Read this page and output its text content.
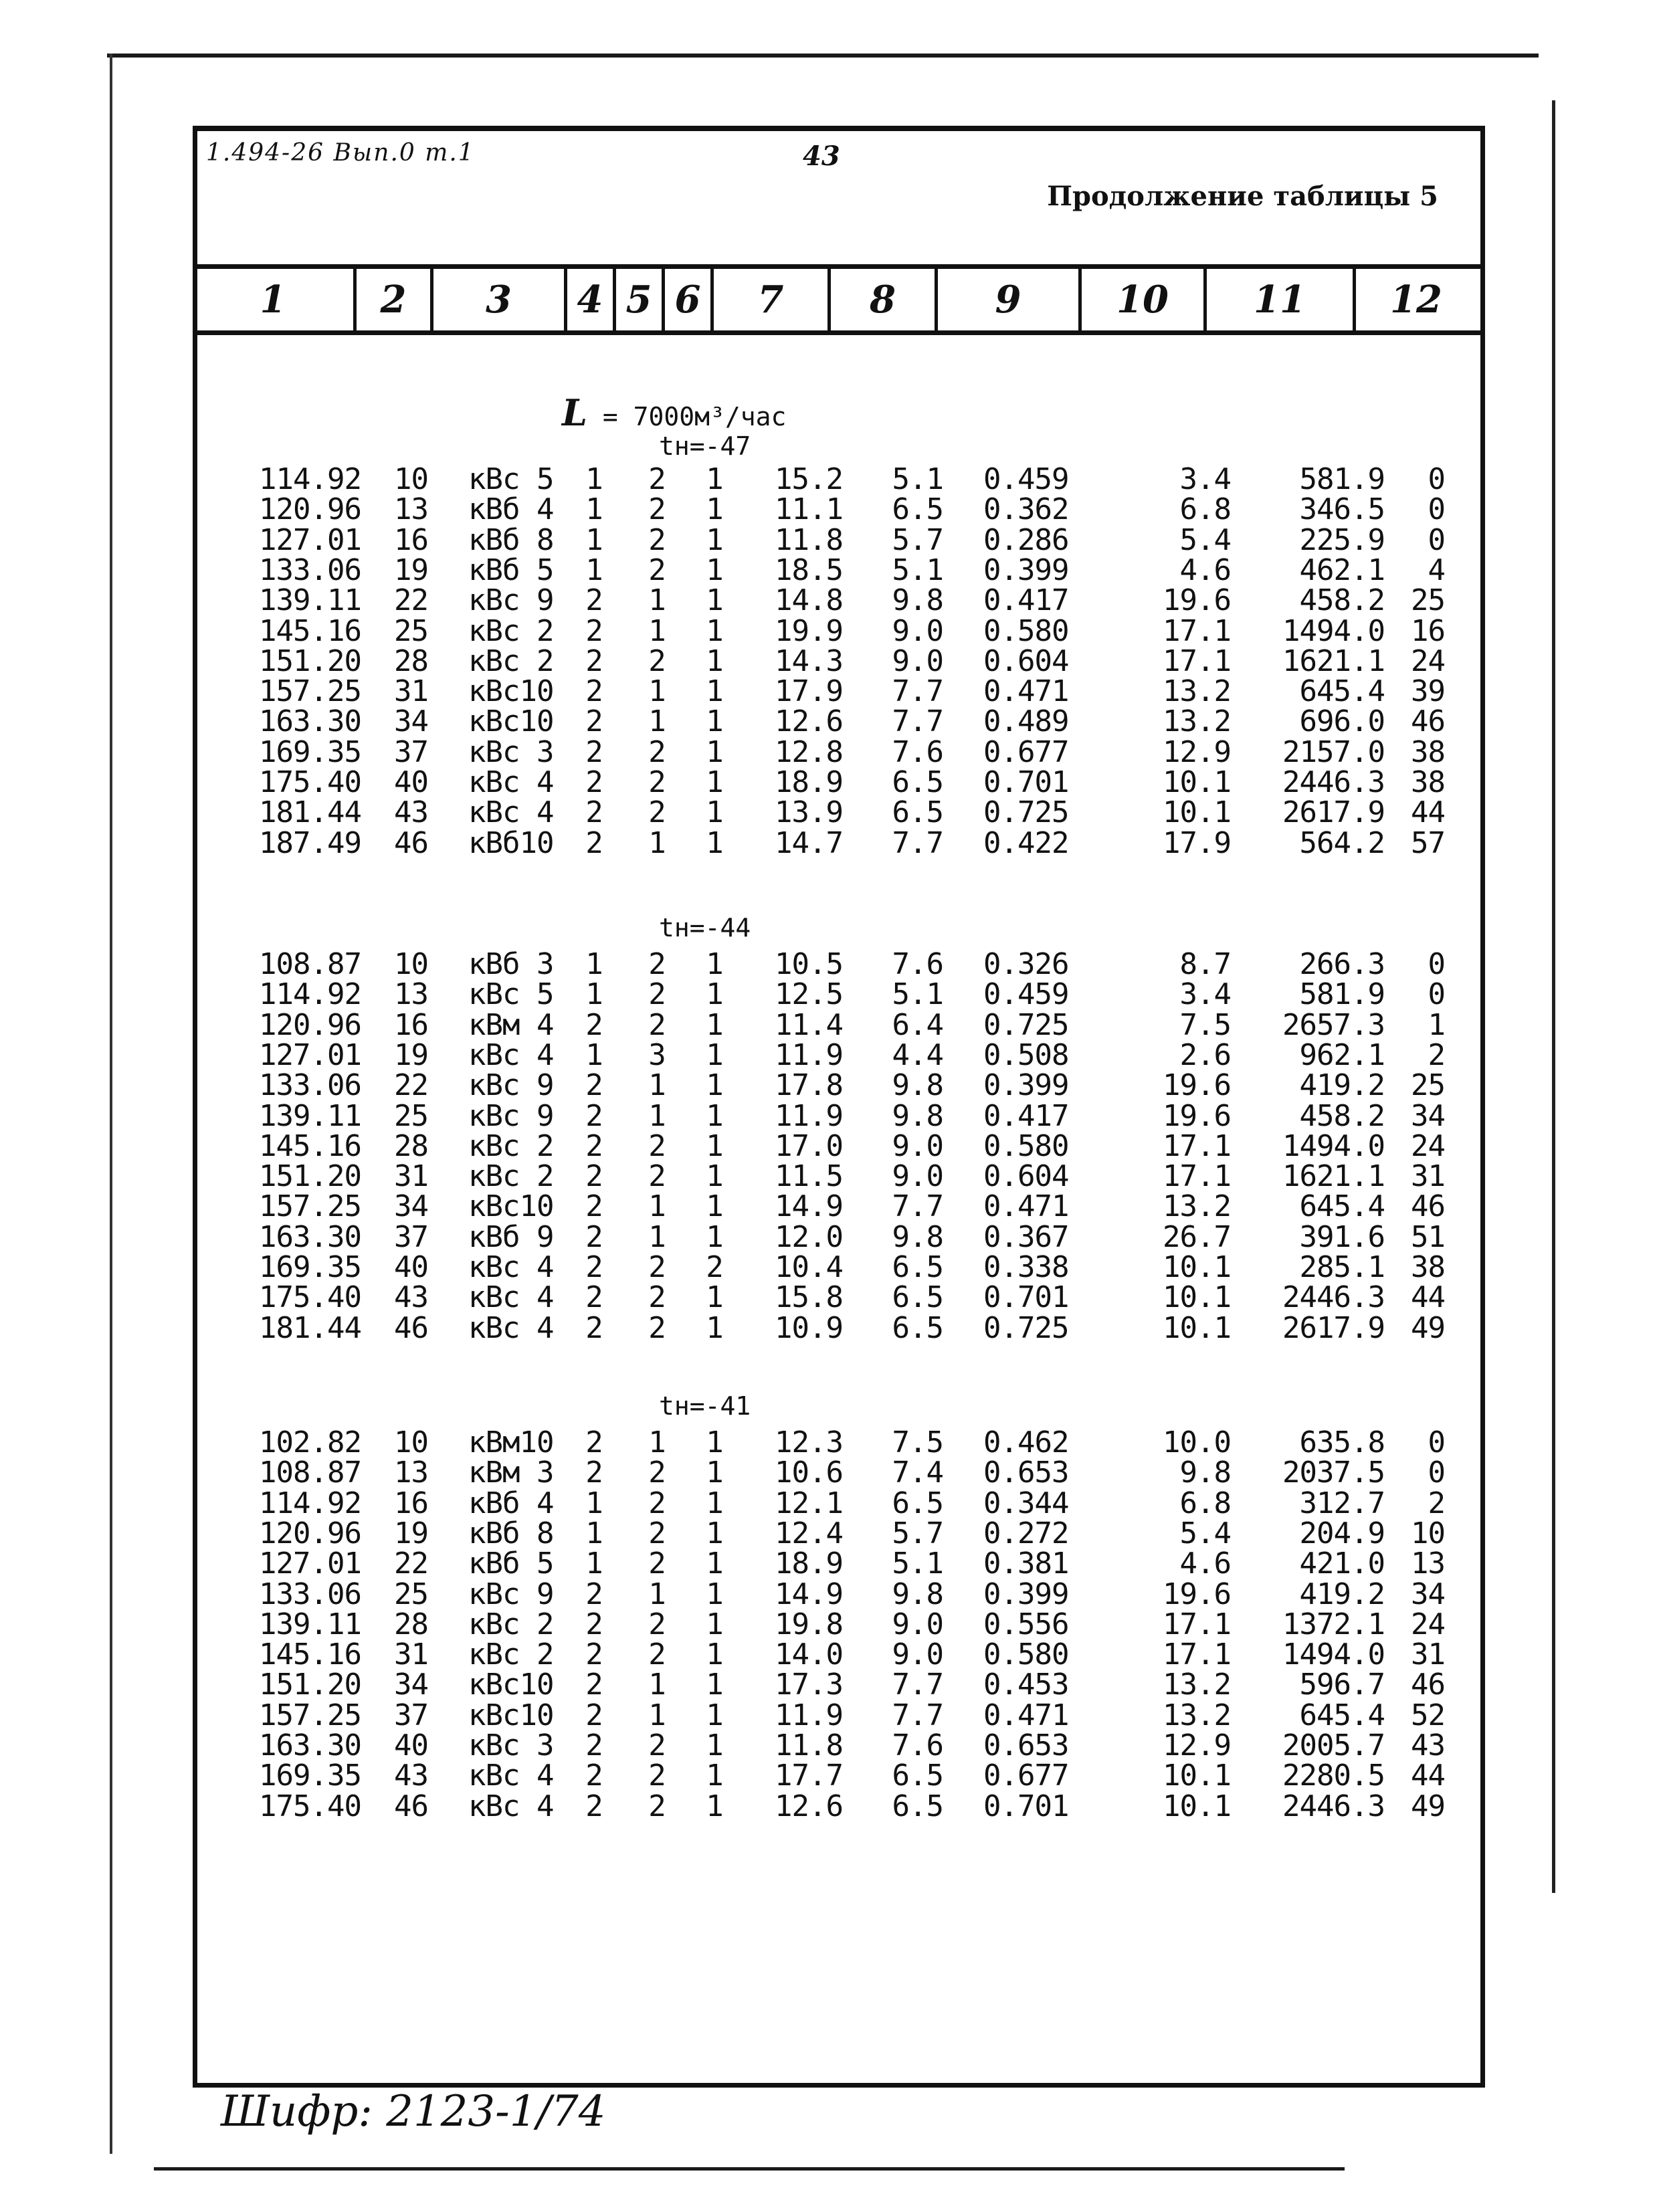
1.494-26 Вып.0 т.1	43
Продолжение таблицы 5
1	2	3	4 5 6	7	8	9	10	11	12
L = 7000м³/час
tн=-47
114.92	10 кВс 5	1 2 1	15.2	5.1 0.459	3.4	581.9	0
120.96	13 кВб 4	1 2 1	11.1	6.5 0.362	6.8	346.5	0
127.01	16 кВб 8	1 2 1	11.8	5.7 0.286	5.4	225.9	0
133.06	19 кВб 5	1 2 1	18.5	5.1 0.399	4.6	462.1	4
139.11	22 кВс 9	2 1 1	14.8	9.8 0.417	19.6	458.2 25
145.16	25 кВс 2	2 1 1	19.9	9.0 0.580	17.1	1494.0 16
151.20	28 кВс 2	2 2 1	14.3	9.0 0.604	17.1	1621.1 24
157.25	31 кВс10	2 1 1	17.9	7.7 0.471	13.2	645.4 39
163.30	34 кВс10	2 1 1	12.6	7.7 0.489	13.2	696.0 46
169.35	37 кВс 3	2 2 1	12.8	7.6 0.677	12.9	2157.0 38
175.40	40 кВс 4	2 2 1	18.9	6.5 0.701	10.1	2446.3 38
181.44	43 кВс 4	2 2 1	13.9	6.5 0.725	10.1	2617.9 44
187.49	46 кВб10	2 1 1	14.7	7.7 0.422	17.9	564.2 57
tн=-44
108.87	10 кВб 3	1 2 1	10.5	7.6 0.326	8.7	266.3	0
114.92	13 кВс 5	1 2 1	12.5	5.1 0.459	3.4	581.9	0
120.96	16 кВм 4	2 2 1	11.4	6.4 0.725	7.5	2657.3	1
127.01	19 кВс 4	1 3 1	11.9	4.4 0.508	2.6	962.1	2
133.06	22 кВс 9	2 1 1	17.8	9.8 0.399	19.6	419.2 25
139.11	25 кВс 9	2 1 1	11.9	9.8 0.417	19.6	458.2 34
145.16	28 кВс 2	2 2 1	17.0	9.0 0.580	17.1	1494.0 24
151.20	31 кВс 2	2 2 1	11.5	9.0 0.604	17.1	1621.1 31
157.25	34 кВс10	2 1 1	14.9	7.7 0.471	13.2	645.4 46
163.30	37 кВб 9	2 1 1	12.0	9.8 0.367	26.7	391.6 51
169.35	40 кВс 4	2 2 2	10.4	6.5 0.338	10.1	285.1 38
175.40	43 кВс 4	2 2 1	15.8	6.5 0.701	10.1	2446.3 44
181.44	46 кВс 4	2 2 1	10.9	6.5 0.725	10.1	2617.9 49
tн=-41
102.82	10 кВм10	2 1 1	12.3	7.5 0.462	10.0	635.8	0
108.87	13 кВм 3	2 2 1	10.6	7.4 0.653	9.8	2037.5	0
114.92	16 кВб 4	1 2 1	12.1	6.5 0.344	6.8	312.7	2
120.96	19 кВб 8	1 2 1	12.4	5.7 0.272	5.4	204.9 10
127.01	22 кВб 5	1 2 1	18.9	5.1 0.381	4.6	421.0 13
133.06	25 кВс 9	2 1 1	14.9	9.8 0.399	19.6	419.2 34
139.11	28 кВс 2	2 2 1	19.8	9.0 0.556	17.1	1372.1 24
145.16	31 кВс 2	2 2 1	14.0	9.0 0.580	17.1	1494.0 31
151.20	34 кВс10	2 1 1	17.3	7.7 0.453	13.2	596.7 46
157.25	37 кВс10	2 1 1	11.9	7.7 0.471	13.2	645.4 52
163.30	40 кВс 3	2 2 1	11.8	7.6 0.653	12.9	2005.7 43
169.35	43 кВс 4	2 2 1	17.7	6.5 0.677	10.1	2280.5 44
175.40	46 кВс 4	2 2 1	12.6	6.5 0.701	10.1	2446.3 49
Шифр: 2123-1/74
